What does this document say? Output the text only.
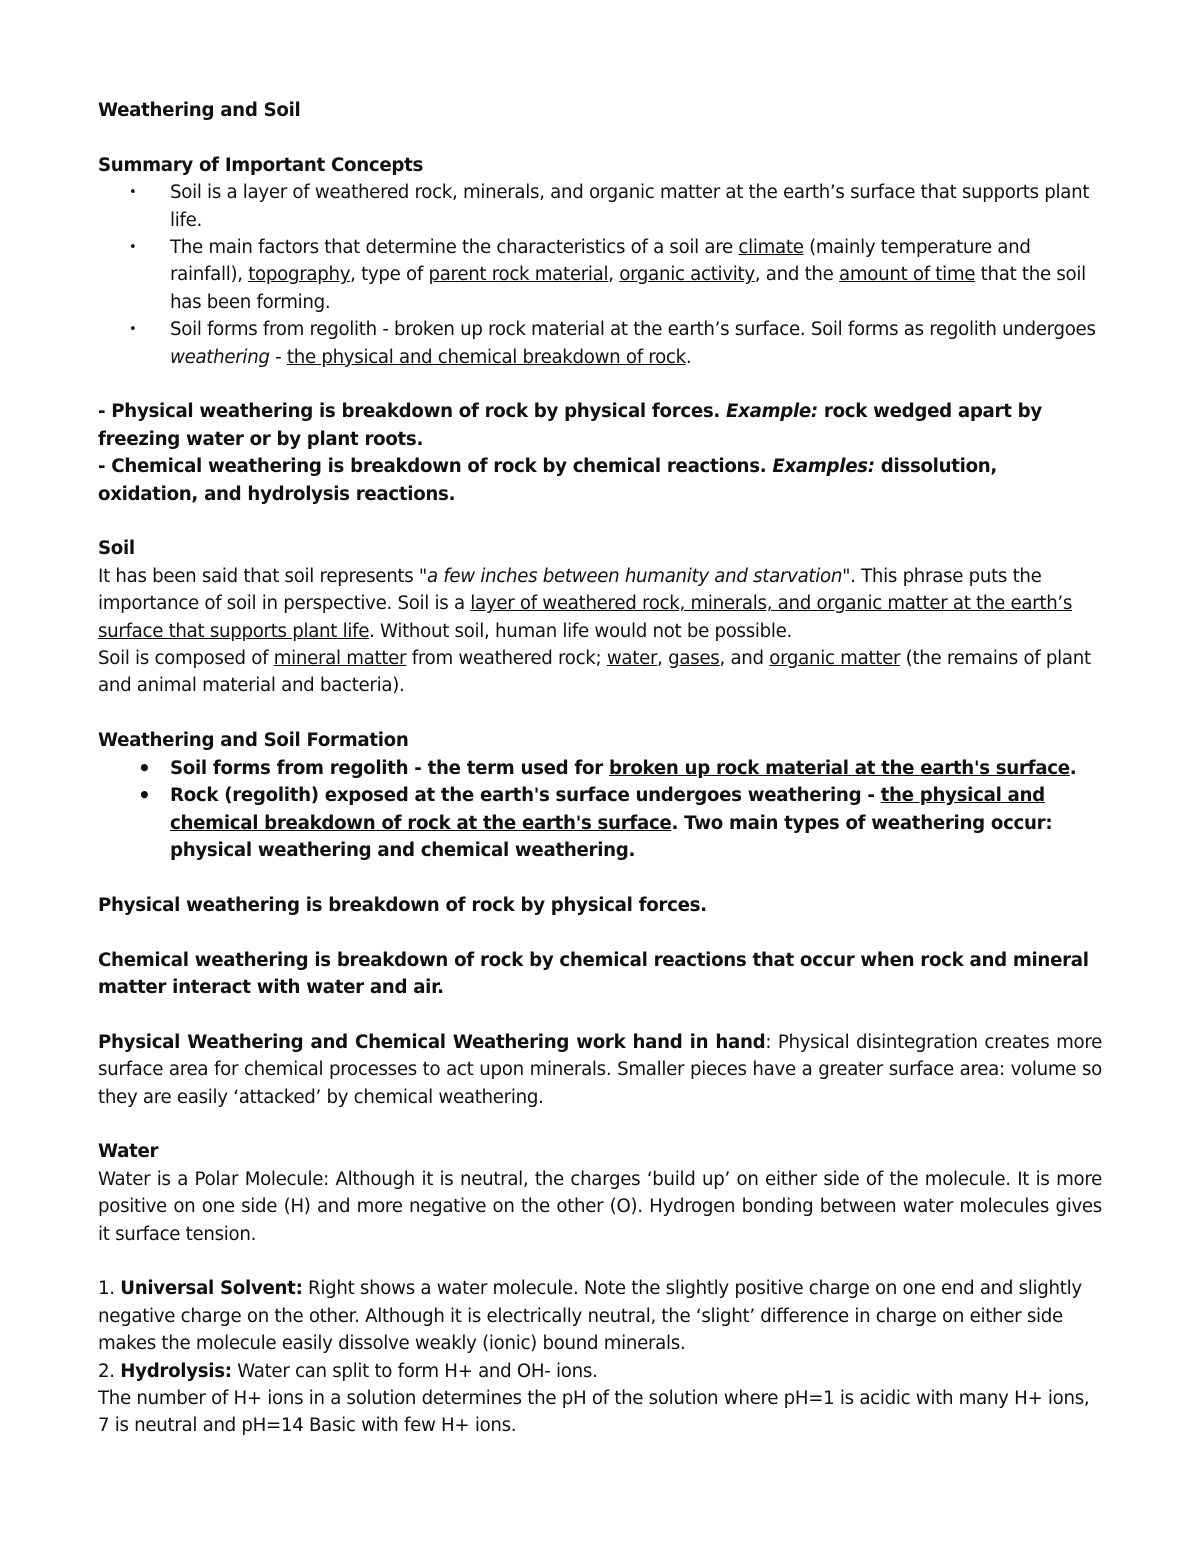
Weathering and Soil

Summary of Important Concepts

• Soil is a layer of weathered rock, minerals, and organic matter at the earth’s surface that supports plant life.
• The main factors that determine the characteristics of a soil are climate (mainly temperature and rainfall), topography, type of parent rock material, organic activity, and the amount of time that the soil has been forming.
• Soil forms from regolith - broken up rock material at the earth’s surface. Soil forms as regolith undergoes weathering - the physical and chemical breakdown of rock.

- Physical weathering is breakdown of rock by physical forces. Example: rock wedged apart by freezing water or by plant roots.

- Chemical weathering is breakdown of rock by chemical reactions. Examples: dissolution, oxidation, and hydrolysis reactions.

Soil

It has been said that soil represents "a few inches between humanity and starvation". This phrase puts the importance of soil in perspective. Soil is a layer of weathered rock, minerals, and organic matter at the earth’s surface that supports plant life. Without soil, human life would not be possible.

Soil is composed of mineral matter from weathered rock; water, gases, and organic matter (the remains of plant and animal material and bacteria).

Weathering and Soil Formation

• Soil forms from regolith - the term used for broken up rock material at the earth's surface.
• Rock (regolith) exposed at the earth's surface undergoes weathering - the physical and chemical breakdown of rock at the earth's surface. Two main types of weathering occur: physical weathering and chemical weathering.

Physical weathering is breakdown of rock by physical forces.

Chemical weathering is breakdown of rock by chemical reactions that occur when rock and mineral matter interact with water and air.

Physical Weathering and Chemical Weathering work hand in hand: Physical disintegration creates more surface area for chemical processes to act upon minerals. Smaller pieces have a greater surface area: volume so they are easily ‘attacked’ by chemical weathering.

Water

Water is a Polar Molecule: Although it is neutral, the charges ‘build up’ on either side of the molecule. It is more positive on one side (H) and more negative on the other (O). Hydrogen bonding between water molecules gives it surface tension.

1. Universal Solvent: Right shows a water molecule. Note the slightly positive charge on one end and slightly negative charge on the other. Although it is electrically neutral, the ‘slight’ difference in charge on either side makes the molecule easily dissolve weakly (ionic) bound minerals.

2. Hydrolysis: Water can split to form H+ and OH- ions.

The number of H+ ions in a solution determines the pH of the solution where pH=1 is acidic with many H+ ions, 7 is neutral and pH=14 Basic with few H+ ions.
